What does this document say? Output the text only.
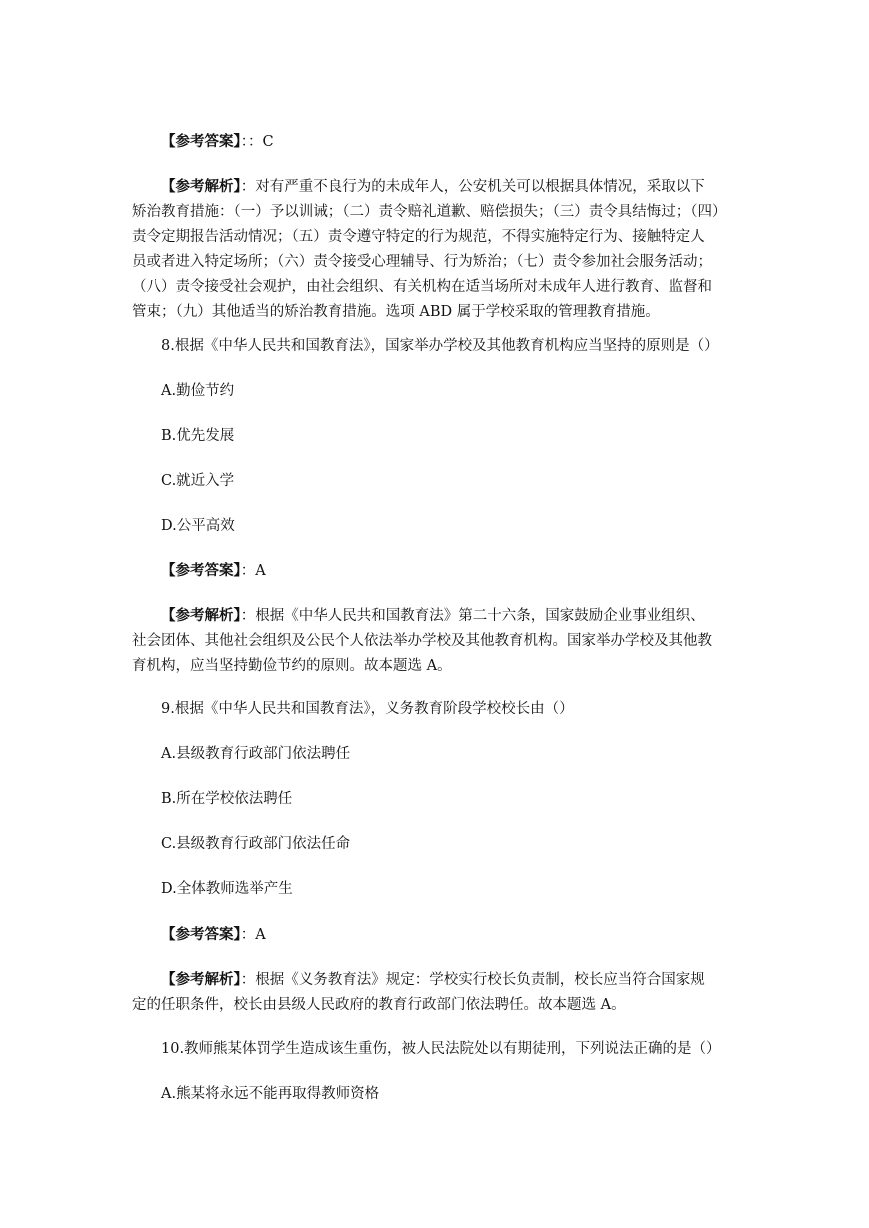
【参考答案】：：C
【参考解析】：对有严重不良行为的未成年人，公安机关可以根据具体情况，采取以下
矫治教育措施：（一）予以训诫；（二）责令赔礼道歉、赔偿损失；（三）责令具结悔过；（四）
责令定期报告活动情况；（五）责令遵守特定的行为规范，不得实施特定行为、接触特定人
员或者进入特定场所；（六）责令接受心理辅导、行为矫治；（七）责令参加社会服务活动；
（八）责令接受社会观护，由社会组织、有关机构在适当场所对未成年人进行教育、监督和
管束；（九）其他适当的矫治教育措施。选项 ABD 属于学校采取的管理教育措施。
8.根据《中华人民共和国教育法》，国家举办学校及其他教育机构应当坚持的原则是（）
A.勤俭节约
B.优先发展
C.就近入学
D.公平高效
【参考答案】：A
【参考解析】：根据《中华人民共和国教育法》第二十六条，国家鼓励企业事业组织、
社会团体、其他社会组织及公民个人依法举办学校及其他教育机构。国家举办学校及其他教
育机构，应当坚持勤俭节约的原则。故本题选 A。
9.根据《中华人民共和国教育法》，义务教育阶段学校校长由（）
A.县级教育行政部门依法聘任
B.所在学校依法聘任
C.县级教育行政部门依法任命
D.全体教师选举产生
【参考答案】：A
【参考解析】：根据《义务教育法》规定：学校实行校长负责制，校长应当符合国家规
定的任职条件，校长由县级人民政府的教育行政部门依法聘任。故本题选 A。
10.教师熊某体罚学生造成该生重伤，被人民法院处以有期徒刑，下列说法正确的是（）
A.熊某将永远不能再取得教师资格
